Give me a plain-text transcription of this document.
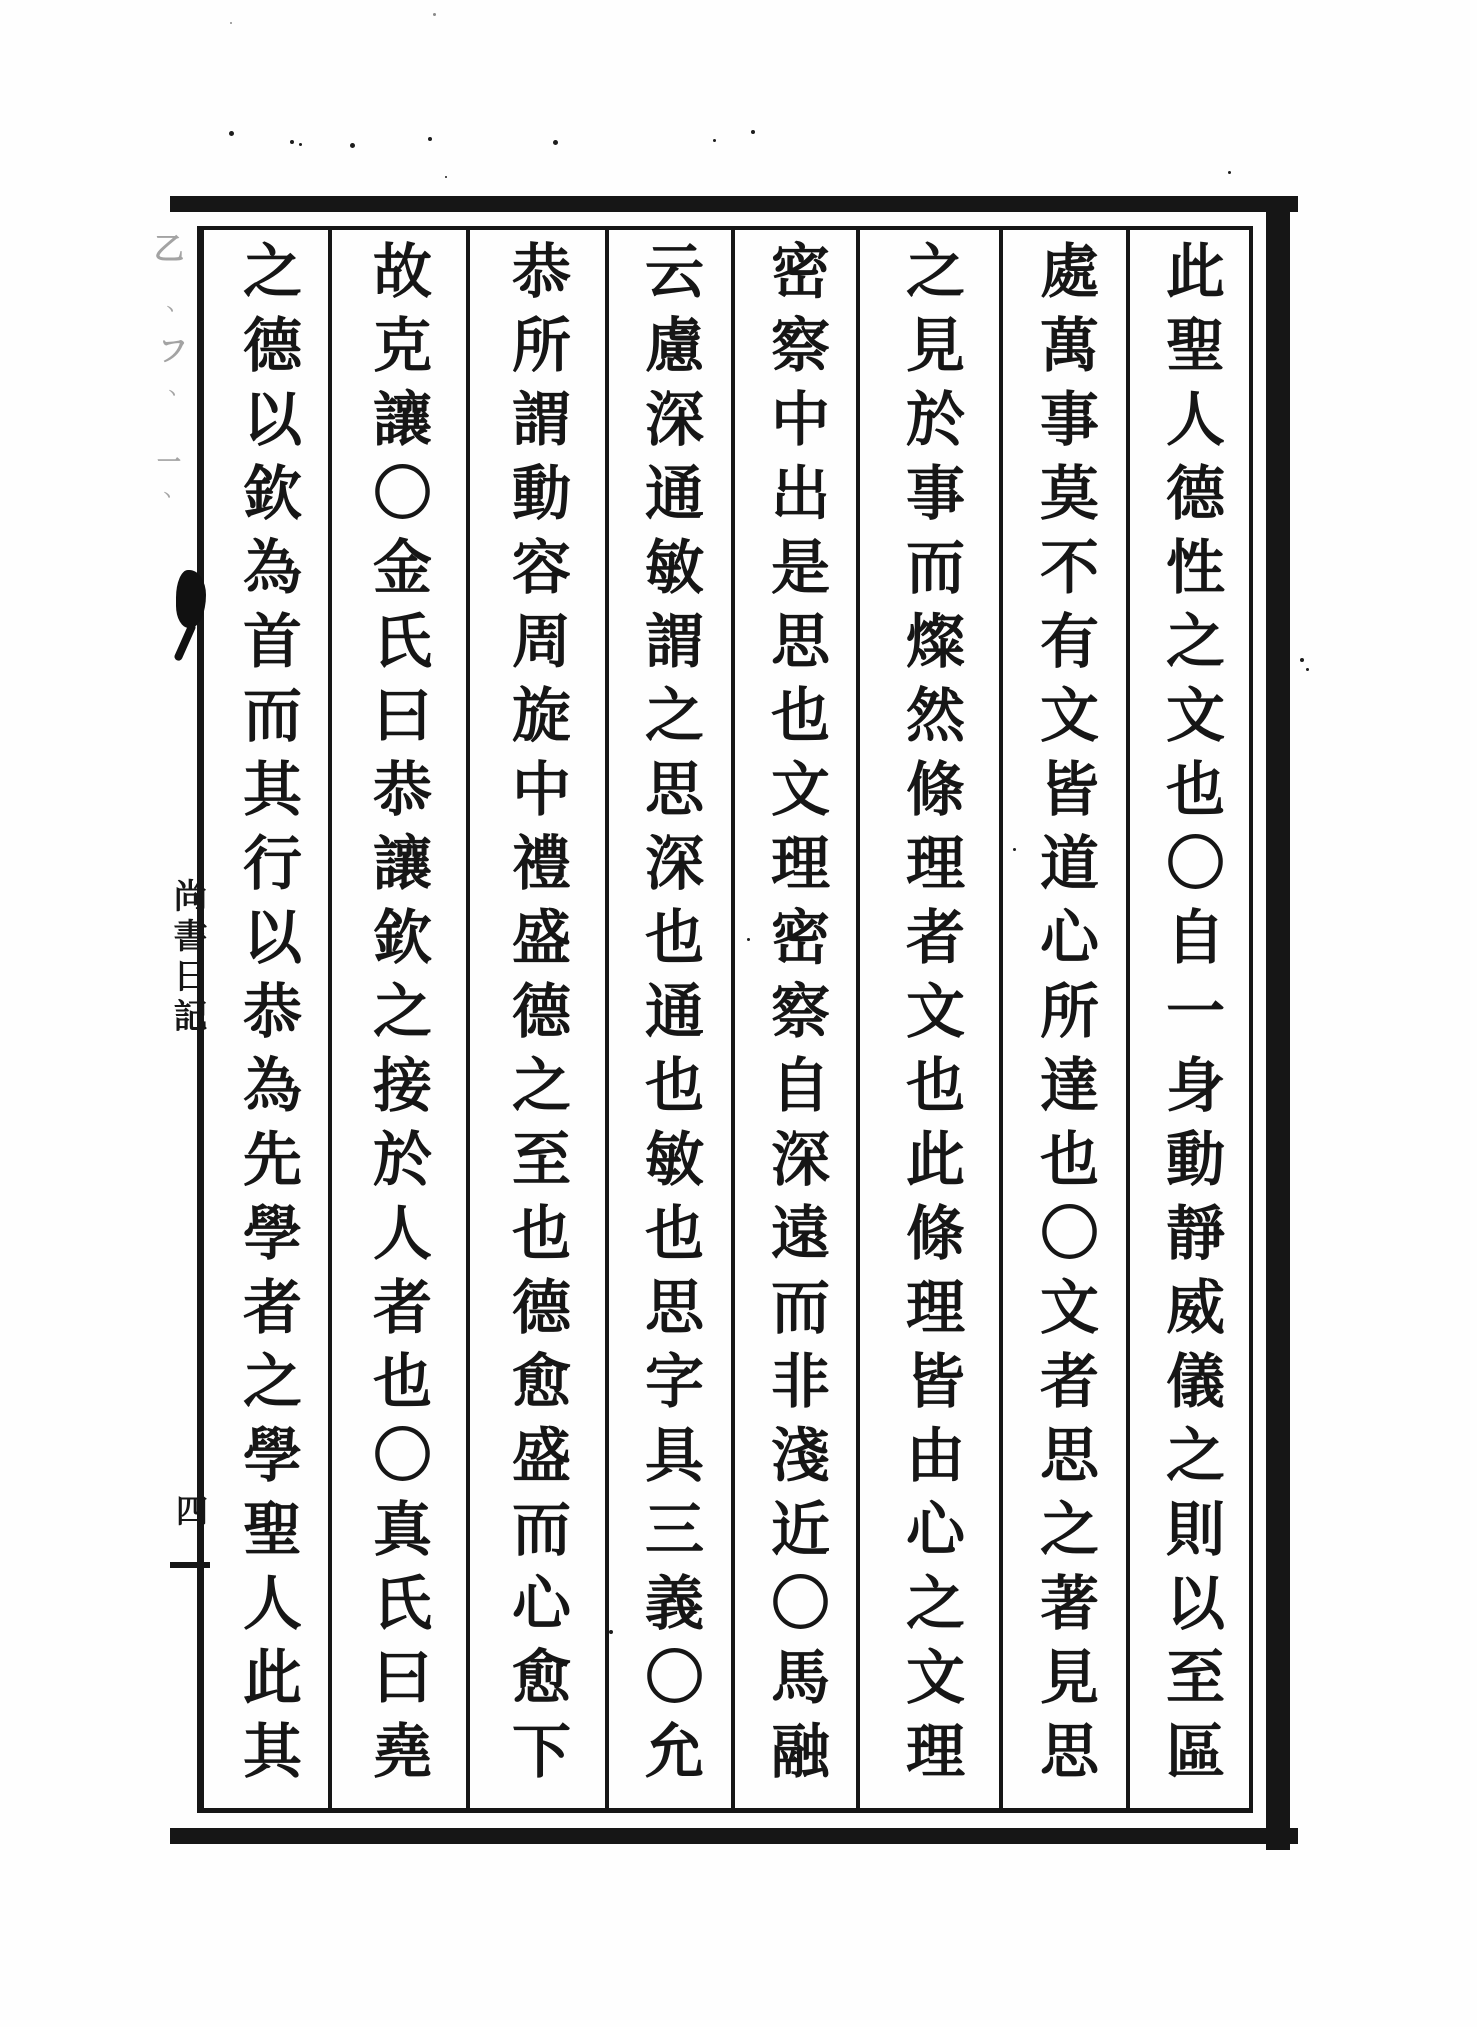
此聖人德性之文也〇自一身動靜威儀之則以至區
處萬事莫不有文皆道心所達也〇文者思之著見思
之見於事而燦然條理者文也此條理皆由心之文理
密察中出是思也文理密察自深遠而非淺近〇馬融
云慮深通敏謂之思深也通也敏也思字具三義〇允
恭所謂動容周旋中禮盛德之至也德愈盛而心愈下
故克讓〇金氏曰恭讓欽之接於人者也〇真氏曰堯
之德以欽為首而其行以恭為先學者之學聖人此其
尚書日記
四
乙
丶
フ
丶
一
丶
